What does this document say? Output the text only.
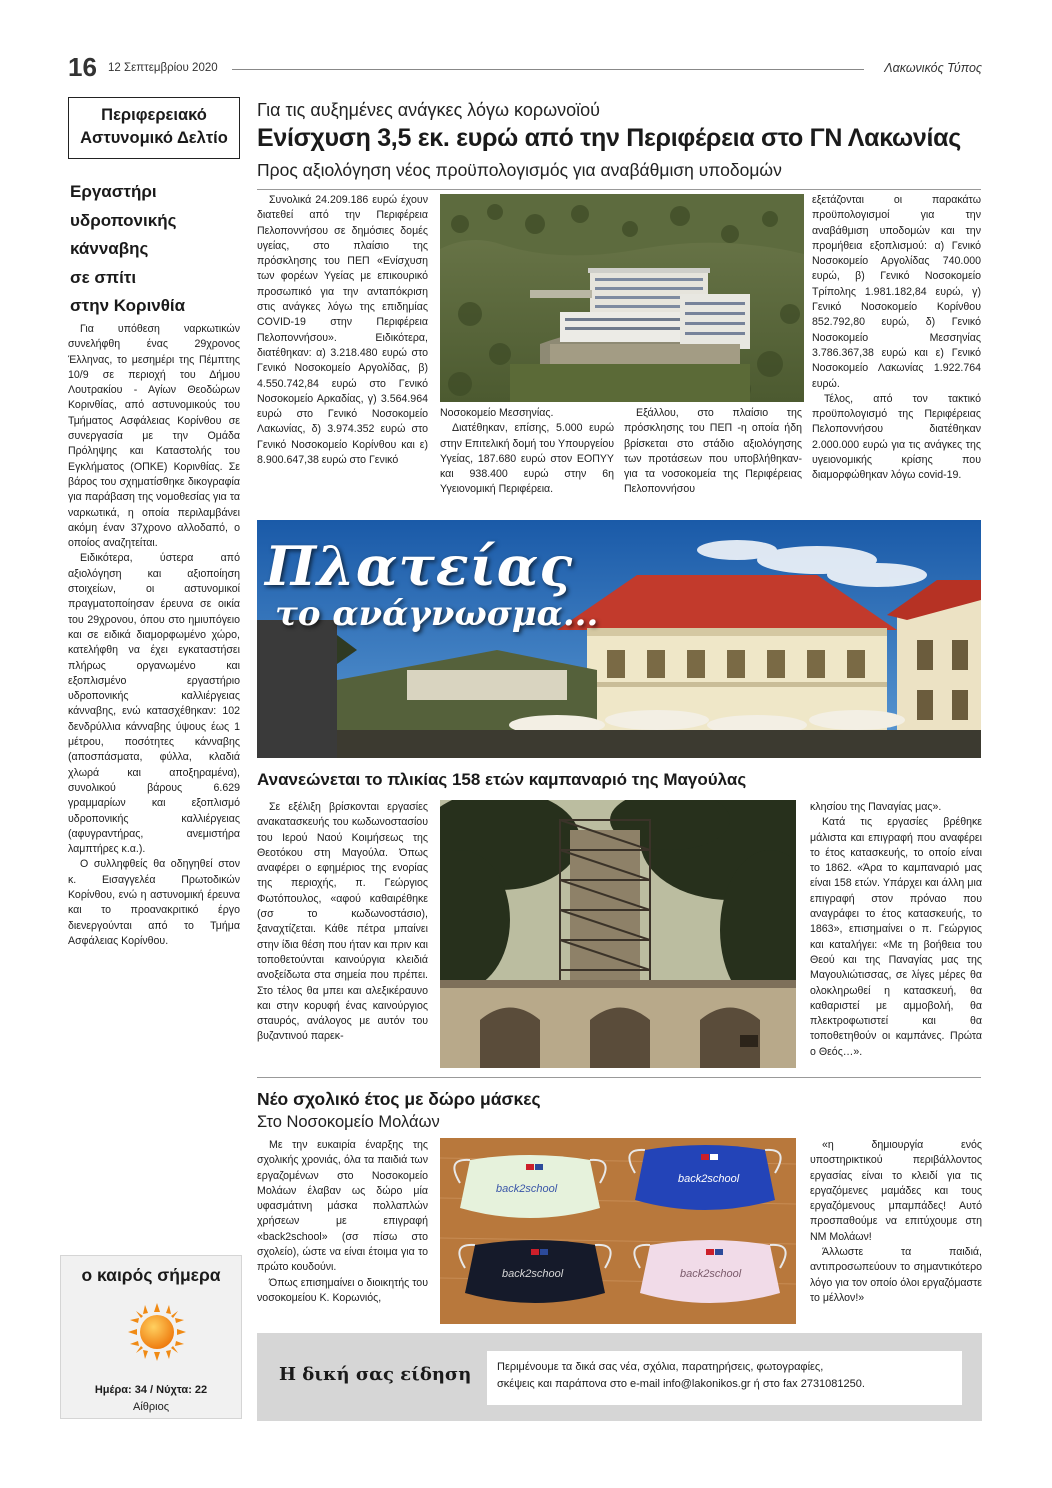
16 12 Σεπτεμβρίου 2020	Λακωνικός Τύπος
Περιφερειακό
Αστυνομικό Δελτίο
Εργαστήρι
υδροπονικής
κάνναβης
σε σπίτι
στην Κορινθία

Για υπόθεση ναρκωτικών συνελήφθη ένας 29χρονος Έλληνας, το μεσημέρι της Πέμπτης 10/9 σε περιοχή του Δήμου Λουτρακίου - Αγίων Θεοδώρων Κορινθίας, από αστυνομικούς του Τμήματος Ασφάλειας Κορίνθου σε συνεργασία με την Ομάδα Πρόληψης και Καταστολής του Εγκλήματος (ΟΠΚΕ) Κορινθίας. Σε βάρος του σχηματίσθηκε δικογραφία για παράβαση της νομοθεσίας για τα ναρκωτικά, η οποία περιλαμβάνει ακόμη έναν 37χρονο αλλοδαπό, ο οποίος αναζητείται.

Ειδικότερα, ύστερα από αξιολόγηση και αξιοποίηση στοιχείων, οι αστυνομικοί πραγματοποίησαν έρευνα σε οικία του 29χρονου, όπου στο ημιυπόγειο και σε ειδικά διαμορφωμένο χώρο, κατελήφθη να έχει εγκαταστήσει πλήρως οργανωμένο και εξοπλισμένο εργαστήριο υδροπονικής καλλιέργειας κάνναβης, ενώ κατασχέθηκαν: 102 δενδρύλλια κάνναβης ύψους έως 1 μέτρου, ποσότητες κάνναβης (αποσπάσματα, φύλλα, κλαδιά χλωρά και αποξηραμένα), συνολικού βάρους 6.629 γραμμαρίων και εξοπλισμό υδροπονικής καλλιέργειας (αφυγραντήρας, ανεμιστήρα λαμπτήρες κ.α.).

Ο συλληφθείς θα οδηγηθεί στον κ. Εισαγγελέα Πρωτοδικών Κορίνθου, ενώ η αστυνομική έρευνα και το προανακριτικό έργο διενεργούνται από το Τμήμα Ασφάλειας Κορίνθου.

ο καιρός σήμερα
Ημέρα: 34 / Νύχτα: 22
Αίθριος
Για τις αυξημένες ανάγκες λόγω κορωνοϊού
Ενίσχυση 3,5 εκ. ευρώ από την Περιφέρεια στο ΓΝ Λακωνίας
Προς αξιολόγηση νέος προϋπολογισμός για αναβάθμιση υποδομών

Συνολικά 24.209.186 ευρώ έχουν διατεθεί από την Περιφέρεια Πελοποννήσου σε δημόσιες δομές υγείας, στο πλαίσιο της πρόσκλησης του ΠΕΠ «Ενίσχυση των φορέων Υγείας με επικουρικό προσωπικό για την ανταπόκριση στις ανάγκες λόγω της επιδημίας COVID-19 στην Περιφέρεια Πελοποννήσου». Ειδικότερα, διατέθηκαν: α) 3.218.480 ευρώ στο Γενικό Νοσοκομείο Αργολίδας, β) 4.550.742,84 ευρώ στο Γενικό Νοσοκομείο Αρκαδίας, γ) 3.564.964 ευρώ στο Γενικό Νοσοκομείο Λακωνίας, δ) 3.974.352 ευρώ στο Γενικό Νοσοκομείο Κορίνθου και ε) 8.900.647,38 ευρώ στο Γενικό

Νοσοκομείο Μεσσηνίας.

Διατέθηκαν, επίσης, 5.000 ευρώ στην Επιτελική δομή του Υπουργείου Υγείας, 187.680 ευρώ στον ΕΟΠΥΥ και 938.400 ευρώ στην 6η Υγειονομική Περιφέρεια.

Εξάλλου, στο πλαίσιο της πρόσκλησης του ΠΕΠ -η οποία ήδη βρίσκεται στο στάδιο αξιολόγησης των προτάσεων που υποβλήθηκαν- για τα νοσοκομεία της Περιφέρειας Πελοποννήσου

εξετάζονται οι παρακάτω προϋπολογισμοί για την αναβάθμιση υποδομών και την προμήθεια εξοπλισμού: α) Γενικό Νοσοκομείο Αργολίδας 740.000 ευρώ, β) Γενικό Νοσοκομείο Τρίπολης 1.981.182,84 ευρώ, γ) Γενικό Νοσοκομείο Κορίνθου 852.792,80 ευρώ, δ) Γενικό Νοσοκομείο Μεσσηνίας 3.786.367,38 ευρώ και ε) Γενικό Νοσοκομείο Λακωνίας 1.922.764 ευρώ.

Τέλος, από τον τακτικό προϋπολογισμό της Περιφέρειας Πελοποννήσου διατέθηκαν 2.000.000 ευρώ για τις ανάγκες της υγειονομικής κρίσης που διαμορφώθηκαν λόγω covid-19.

Πλατείας
το ανάγνωσμα...
Ανανεώνεται το πλικίας 158 ετών καμπαναριό της Μαγούλας

Σε εξέλιξη βρίσκονται εργασίες ανακατασκευής του κωδωνοστασίου του Ιερού Ναού Κοιμήσεως της Θεοτόκου στη Μαγούλα. Όπως αναφέρει ο εφημέριος της ενορίας της περιοχής, π. Γεώργιος Φωτόπουλος, «αφού καθαιρέθηκε (σσ το κωδωνοστάσιο), ξαναχτίζεται. Κάθε πέτρα μπαίνει στην ίδια θέση που ήταν και πριν και τοποθετούνται καινούργια κλειδιά ανοξείδωτα στα σημεία που πρέπει. Στο τέλος θα μπει και αλεξικέραυνο και στην κορυφή ένας καινούργιος σταυρός, ανάλογος με αυτόν του βυζαντινού παρεκ-

κλησίου της Παναγίας μας».

Κατά τις εργασίες βρέθηκε μάλιστα και επιγραφή που αναφέρει το έτος κατασκευής, το οποίο είναι το 1862. «Άρα το καμπαναριό μας είναι 158 ετών. Υπάρχει και άλλη μια επιγραφή στον πρόναο που αναγράφει το έτος κατασκευής, το 1863», επισημαίνει ο π. Γεώργιος και καταλήγει: «Με τη βοήθεια του Θεού και της Παναγίας μας της Μαγουλιώτισσας, σε λίγες μέρες θα ολοκληρωθεί η κατασκευή, θα καθαριστεί με αμμοβολή, θα πλεκτροφωτιστεί και θα τοποθετηθούν οι καμπάνες. Πρώτα ο Θεός…».

Νέο σχολικό έτος με δώρο μάσκες
Στο Νοσοκομείο Μολάων

Με την ευκαιρία έναρξης της σχολικής χρονιάς, όλα τα παιδιά των εργαζομένων στο Νοσοκομείο Μολάων έλαβαν ως δώρο μία υφασμάτινη μάσκα πολλαπλών χρήσεων με επιγραφή «back2school» (σσ πίσω στο σχολείο), ώστε να είναι έτοιμα για το πρώτο κουδούνι.

Όπως επισημαίνει ο διοικητής του νοσοκομείου Κ. Κορωνιός,

back2school
back2school
back2school	back2school

«η δημιουργία ενός υποστηρικτικού περιβάλλοντος εργασίας είναι το κλειδί για τις εργαζόμενες μαμάδες και τους εργαζόμενους μπαμπάδες! Αυτό προσπαθούμε να επιτύχουμε στη ΝΜ Μολάων!

Άλλωστε τα παιδιά, αντιπροσωπεύουν το σημαντικότερο λόγο για τον οποίο όλοι εργαζόμαστε το μέλλον!»

Η δική σας είδηση Περιμένουμε τα δικά σας νέα, σχόλια, παρατηρήσεις, φωτογραφίες,
σκέψεις και παράπονα στο e-mail info@lakonikos.gr ή στο fax 2731081250.
